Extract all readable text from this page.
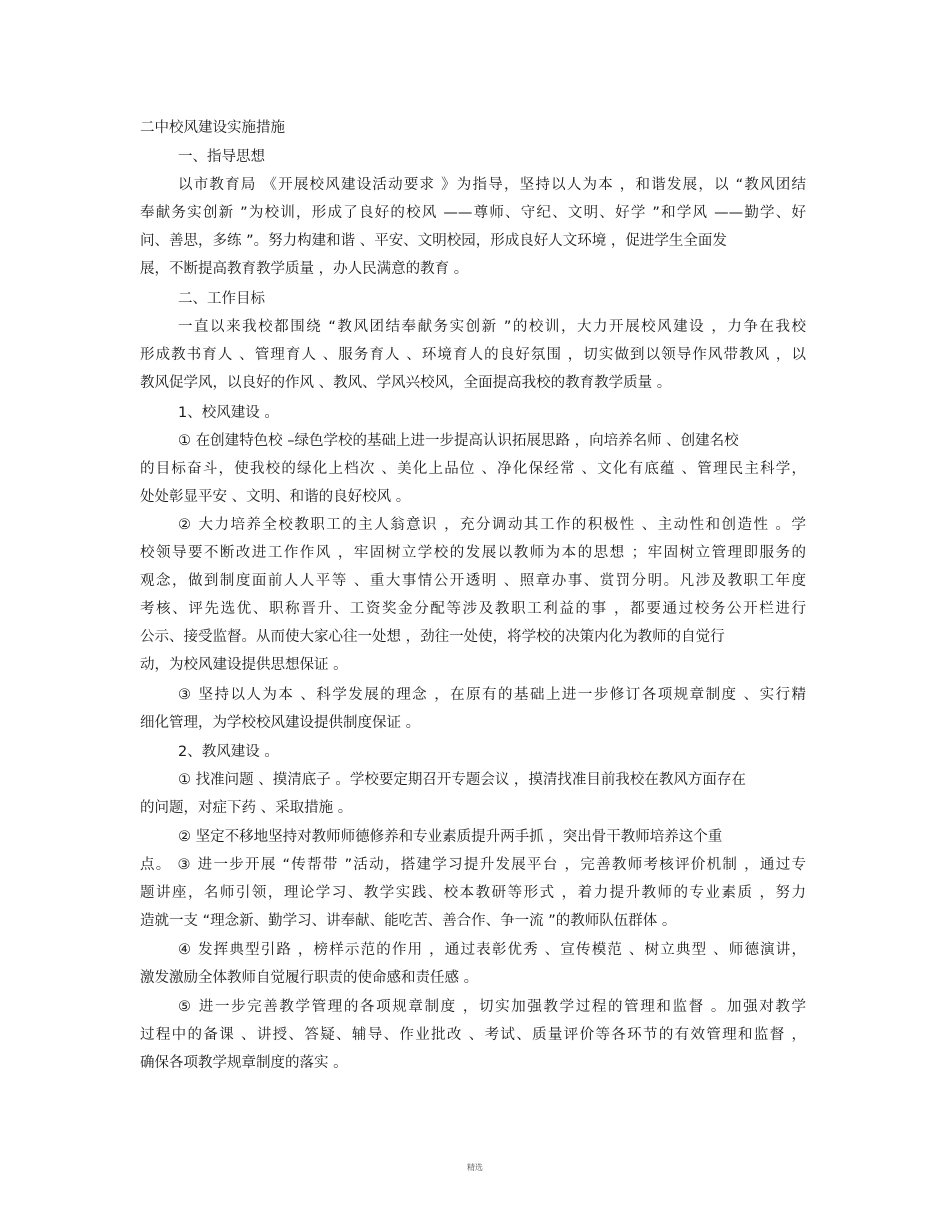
二中校风建设实施措施
一、指导思想
以市教育局 《开展校风建设活动要求 》为指导，坚持以人为本 ，和谐发展，以 “教风团结
奉献务实创新 ”为校训，形成了良好的校风 ——尊师、守纪、文明、好学 ”和学风 ——勤学、好
问、善思，多练 ”。努力构建和谐 、平安、文明校园，形成良好人文环境 ，促进学生全面发
展，不断提高教育教学质量 ，办人民满意的教育 。
二、工作目标
一直以来我校都围绕 “教风团结奉献务实创新 ”的校训，大力开展校风建设 ，力争在我校
形成教书育人 、管理育人 、服务育人 、环境育人的良好氛围 ，切实做到以领导作风带教风 ，以
教风促学风，以良好的作风 、教风、学风兴校风，全面提高我校的教育教学质量 。
1、校风建设 。
① 在创建特色校 –绿色学校的基础上进一步提高认识拓展思路 ，向培养名师 、创建名校
的目标奋斗，使我校的绿化上档次 、美化上品位 、净化保经常 、文化有底蕴 、管理民主科学，
处处彰显平安 、文明、和谐的良好校风 。
② 大力培养全校教职工的主人翁意识 ，充分调动其工作的积极性 、主动性和创造性 。学
校领导要不断改进工作作风 ，牢固树立学校的发展以教师为本的思想 ；牢固树立管理即服务的
观念，做到制度面前人人平等 、重大事情公开透明 、照章办事、赏罚分明。凡涉及教职工年度
考核、评先选优、职称晋升、工资奖金分配等涉及教职工利益的事 ，都要通过校务公开栏进行
公示、接受监督。从而使大家心往一处想 ，劲往一处使，将学校的决策内化为教师的自觉行
动，为校风建设提供思想保证 。
③ 坚持以人为本 、科学发展的理念 ，在原有的基础上进一步修订各项规章制度 、实行精
细化管理，为学校校风建设提供制度保证 。
2、教风建设 。
① 找准问题 、摸清底子 。学校要定期召开专题会议 ，摸清找准目前我校在教风方面存在
的问题，对症下药 、采取措施 。
② 坚定不移地坚持对教师师德修养和专业素质提升两手抓 ，突出骨干教师培养这个重
点。 ③ 进一步开展 “传帮带 ”活动，搭建学习提升发展平台 ，完善教师考核评价机制 ，通过专
题讲座，名师引领，理论学习、教学实践、校本教研等形式 ，着力提升教师的专业素质 ，努力
造就一支 “理念新、勤学习、讲奉献、能吃苦、善合作、争一流 ”的教师队伍群体 。
④ 发挥典型引路 ，榜样示范的作用 ，通过表彰优秀 、宣传模范 、树立典型 、师德演讲，
激发激励全体教师自觉履行职责的使命感和责任感 。
⑤ 进一步完善教学管理的各项规章制度 ，切实加强教学过程的管理和监督 。加强对教学
过程中的备课 、讲授、答疑、辅导、作业批改 、考试、质量评价等各环节的有效管理和监督 ，
确保各项教学规章制度的落实 。
精选
